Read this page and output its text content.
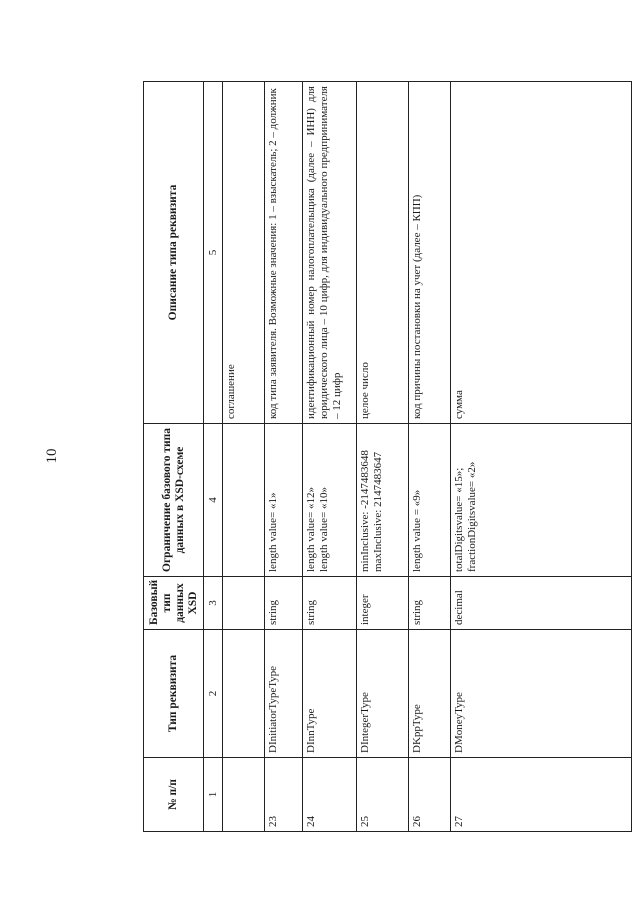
10
№ п/п	Тип реквизита	Базовый тип данных XSD	Ограничение базового типа данных в XSD-схеме	Описание типа реквизита
1	2	3	4	5
				соглашение
23	DInitiatorTypeType	string	length value= «1»	код типа заявителя. Возможные значения: 1 – взыскатель; 2 – должник
24	DInnType	string	length value= «12» length value= «10»	идентификационный номер налогоплательщика (далее – ИНН) для юридического лица – 10 цифр, для индивидуального предпринимателя – 12 цифр
25	DIntegerType	integer	minInclusive: -2147483648 maxInclusive: 2147483647	целое число
26	DKppType	string	length value = «9»	код причины постановки на учет (далее – КПП)
27	DMoneyType	decimal	totalDigitsvalue= «15»; fractionDigitsvalue= «2»	сумма
